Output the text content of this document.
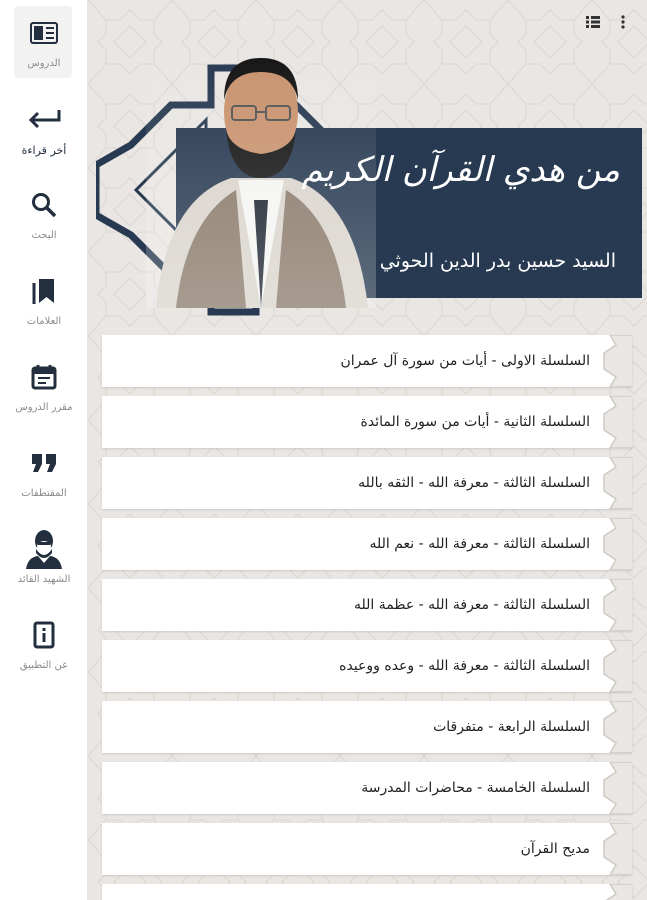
الدروس
أخر قراءة
البحث
العلامات
مقرر الدروس
المقتطفات
الشهيد القائد
عن التطبيق
من هدي القرآن الكريم
السيد حسين بدر الدين الحوثي
السلسلة الاولى - أيات من سورة آل عمران
السلسلة الثانية - أيات من سورة المائدة
السلسلة الثالثة - معرفة الله - الثقه بالله
السلسلة الثالثة - معرفة الله - نعم الله
السلسلة الثالثة - معرفة الله - عظمة الله
السلسلة الثالثة - معرفة الله - وعده ووعيده
السلسلة الرابعة - متفرقات
السلسلة الخامسة - محاضرات المدرسة
مديح القرآن
